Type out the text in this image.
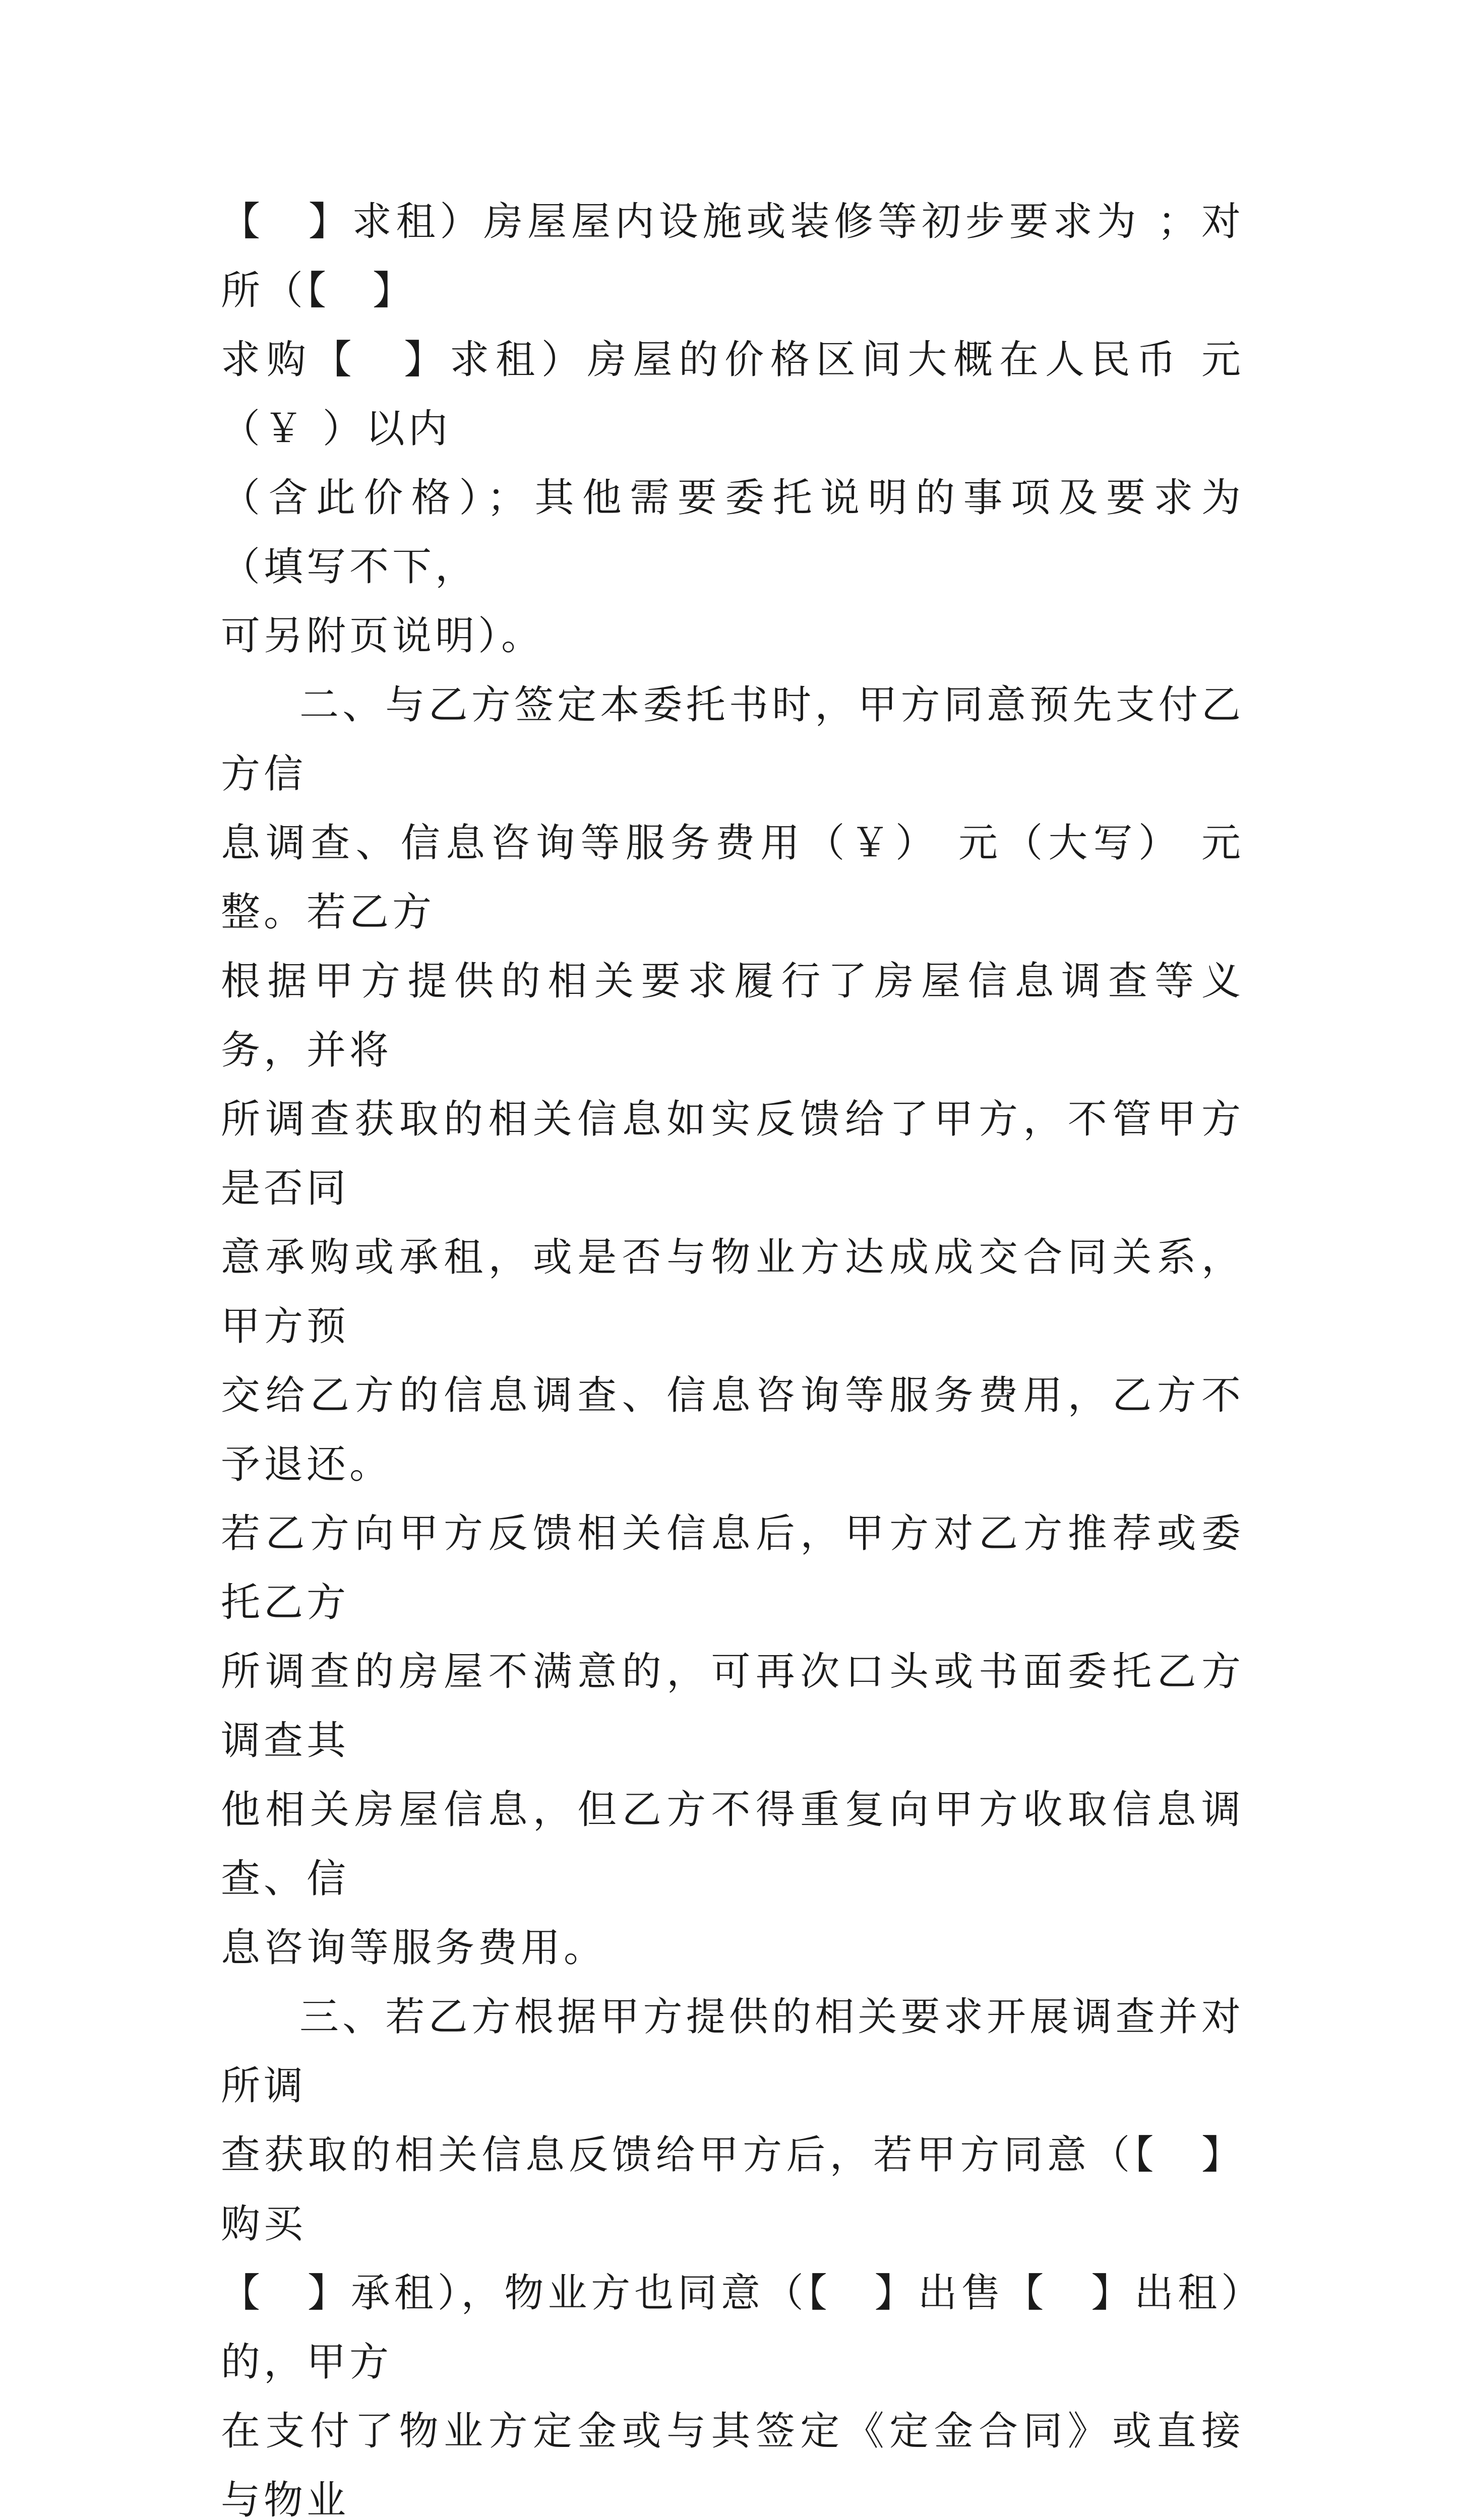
【　】求租）房屋屋内设施或装修等初步要求为 ；对所（【　】
求购【　】求租）房屋的价格区间大概在人民币 元（￥ ）以内
（含此价格）；其他需要委托说明的事项及要求为 （填写不下，
可另附页说明）。
二、与乙方签定本委托书时，甲方同意预先支付乙方信
息调查、信息咨询等服务费用（￥） 元（大写） 元整。若乙方
根据甲方提供的相关要求履行了房屋信息调查等义务，并将
所调查获取的相关信息如实反馈给了甲方，不管甲方是否同
意承购或承租，或是否与物业方达成成交合同关系，甲方预
交给乙方的信息调查、信息咨询等服务费用，乙方不予退还。
若乙方向甲方反馈相关信息后，甲方对乙方推荐或委托乙方
所调查的房屋不满意的，可再次口头或书面委托乙方调查其
他相关房屋信息，但乙方不得重复向甲方收取信息调查、信
息咨询等服务费用。
三、若乙方根据甲方提供的相关要求开展调查并对所调
查获取的相关信息反馈给甲方后，若甲方同意（【　】购买
【　】承租），物业方也同意（【　】出售【　】出租）的，甲方
在支付了物业方定金或与其签定《定金合同》或直接与物业
